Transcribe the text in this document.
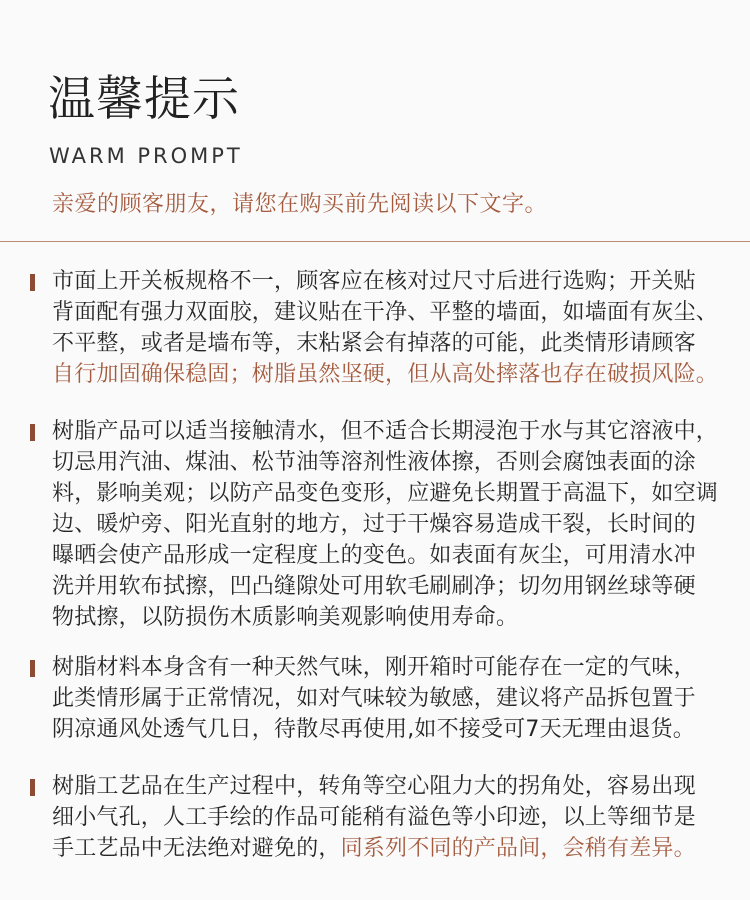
温馨提示
WARM PROMPT
亲爱的顾客朋友，请您在购买前先阅读以下文字。
市面上开关板规格不一，顾客应在核对过尺寸后进行选购；开关贴
背面配有强力双面胶，建议贴在干净、平整的墙面，如墙面有灰尘、
不平整，或者是墙布等，末粘紧会有掉落的可能，此类情形请顾客
自行加固确保稳固；树脂虽然坚硬，但从高处摔落也存在破损风险。
树脂产品可以适当接触清水，但不适合长期浸泡于水与其它溶液中，
切忌用汽油、煤油、松节油等溶剂性液体擦，否则会腐蚀表面的涂
料，影响美观；以防产品变色变形，应避免长期置于高温下，如空调
边、暖炉旁、阳光直射的地方，过于干燥容易造成干裂，长时间的
曝晒会使产品形成一定程度上的变色。如表面有灰尘，可用清水冲
洗并用软布拭擦，凹凸缝隙处可用软毛刷刷净；切勿用钢丝球等硬
物拭擦，以防损伤木质影响美观影响使用寿命。
树脂材料本身含有一种天然气味，刚开箱时可能存在一定的气味，
此类情形属于正常情况，如对气味较为敏感，建议将产品拆包置于
阴凉通风处透气几日，待散尽再使用,如不接受可7天无理由退货。
树脂工艺品在生产过程中，转角等空心阻力大的拐角处，容易出现
细小气孔，人工手绘的作品可能稍有溢色等小印迹，以上等细节是
手工艺品中无法绝对避免的，同系列不同的产品间，会稍有差异。
